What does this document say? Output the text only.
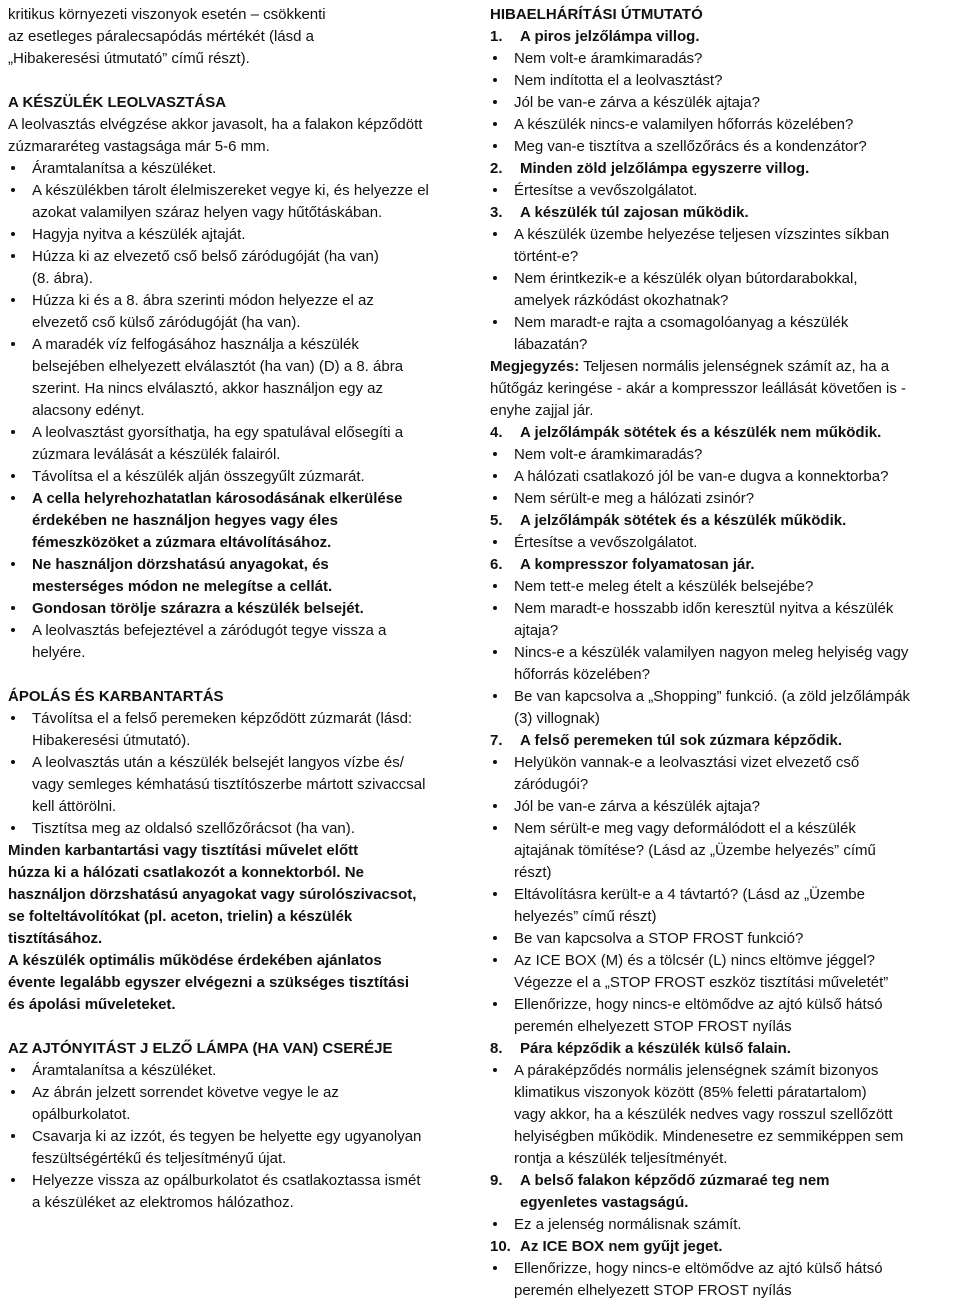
kritikus környezeti viszonyok esetén – csökkenti
az esetleges páralecsapódás mértékét (lásd a
„Hibakeresési útmutató” című részt).
A KÉSZÜLÉK LEOLVASZTÁSA
A leolvasztás elvégzése akkor javasolt, ha a falakon képződött
zúzmararéteg vastagsága már 5-6 mm.
Áramtalanítsa a készüléket.
A készülékben tárolt élelmiszereket vegye ki, és helyezze el
azokat valamilyen száraz helyen vagy hűtőtáskában.
Hagyja nyitva a készülék ajtaját.
Húzza ki az elvezető cső belső záródugóját (ha van)
(8. ábra).
Húzza ki és a 8. ábra szerinti módon helyezze el az
elvezető cső külső záródugóját (ha van).
A maradék víz felfogásához használja a készülék
belsejében elhelyezett elválasztót (ha van) (D) a 8. ábra
szerint. Ha nincs elválasztó, akkor használjon egy az
alacsony edényt.
A leolvasztást gyorsíthatja, ha egy spatulával elősegíti a
zúzmara leválását a készülék falairól.
Távolítsa el a készülék alján összegyűlt zúzmarát.
A cella helyrehozhatatlan károsodásának elkerülése
érdekében ne használjon hegyes vagy éles
fémeszközöket a zúzmara eltávolításához.
Ne használjon dörzshatású anyagokat, és
mesterséges módon ne melegítse a cellát.
Gondosan törölje szárazra a készülék belsejét.
A leolvasztás befejeztével a záródugót tegye vissza a
helyére.
ÁPOLÁS ÉS KARBANTARTÁS
Távolítsa el a felső peremeken képződött zúzmarát (lásd:
Hibakeresési útmutató).
A leolvasztás után a készülék belsejét langyos vízbe és/
vagy semleges kémhatású tisztítószerbe mártott szivaccsal
kell áttörölni.
Tisztítsa meg az oldalsó szellőzőrácsot (ha van).
Minden karbantartási vagy tisztítási művelet előtt
húzza ki a hálózati csatlakozót a konnektorból. Ne
használjon dörzshatású anyagokat vagy súrolószivacsot,
se folteltávolítókat (pl. aceton, trielin) a készülék
tisztításához.
A készülék optimális működése érdekében ajánlatos
évente legalább egyszer elvégezni a szükséges tisztítási
és ápolási műveleteket.
AZ AJTÓNYITÁST J ELZŐ LÁMPA (HA VAN) CSERÉJE
Áramtalanítsa a készüléket.
Az ábrán jelzett sorrendet követve vegye le az
opálburkolatot.
Csavarja ki az izzót, és tegyen be helyette egy ugyanolyan
feszültségértékű és teljesítményű újat.
Helyezze vissza az opálburkolatot és csatlakoztassa ismét
a készüléket az elektromos hálózathoz.
HIBAELHÁRÍTÁSI ÚTMUTATÓ
1. A piros jelzőlámpa villog.
Nem volt-e áramkimaradás?
Nem indította el a leolvasztást?
Jól be van-e zárva a készülék ajtaja?
A készülék nincs-e valamilyen hőforrás közelében?
Meg van-e tisztítva a szellőzőrács és a kondenzátor?
2. Minden zöld jelzőlámpa egyszerre villog.
Értesítse a vevőszolgálatot.
3. A készülék túl zajosan működik.
A készülék üzembe helyezése teljesen vízszintes síkban
történt-e?
Nem érintkezik-e a készülék olyan bútordarabokkal,
amelyek rázkódást okozhatnak?
Nem maradt-e rajta a csomagolóanyag a készülék
lábazatán?
Megjegyzés: Teljesen normális jelenségnek számít az, ha a
hűtőgáz keringése - akár a kompresszor leállását követően is -
enyhe zajjal jár.
4. A jelzőlámpák sötétek és a készülék nem működik.
Nem volt-e áramkimaradás?
A hálózati csatlakozó jól be van-e dugva a konnektorba?
Nem sérült-e meg a hálózati zsinór?
5. A jelzőlámpák sötétek és a készülék működik.
Értesítse a vevőszolgálatot.
6. A kompresszor folyamatosan jár.
Nem tett-e meleg ételt a készülék belsejébe?
Nem maradt-e hosszabb időn keresztül nyitva a készülék
ajtaja?
Nincs-e a készülék valamilyen nagyon meleg helyiség vagy
hőforrás közelében?
Be van kapcsolva a „Shopping” funkció. (a zöld jelzőlámpák
(3) villognak)
7. A felső peremeken túl sok zúzmara képződik.
Helyükön vannak-e a leolvasztási vizet elvezető cső
záródugói?
Jól be van-e zárva a készülék ajtaja?
Nem sérült-e meg vagy deformálódott el a készülék
ajtajának tömítése? (Lásd az „Üzembe helyezés” című
részt)
Eltávolításra került-e a 4 távtartó? (Lásd az „Üzembe
helyezés” című részt)
Be van kapcsolva a STOP FROST funkció?
Az ICE BOX (M) és a tölcsér (L) nincs eltömve jéggel?
Végezze el a „STOP FROST eszköz tisztítási műveletét”
Ellenőrizze, hogy nincs-e eltömődve az ajtó külső hátsó
peremén elhelyezett STOP FROST nyílás
8. Pára képződik a készülék külső falain.
A páraképződés normális jelenségnek számít bizonyos
klimatikus viszonyok között (85% feletti páratartalom)
vagy akkor, ha a készülék nedves vagy rosszul szellőzött
helyiségben működik. Mindenesetre ez semmiképpen sem
rontja a készülék teljesítményét.
9. A belső falakon képződő zúzmaraé teg nem
egyenletes vastagságú.
Ez a jelenség normálisnak számít.
10. Az ICE BOX nem gyűjt jeget.
Ellenőrizze, hogy nincs-e eltömődve az ajtó külső hátsó
peremén elhelyezett STOP FROST nyílás
